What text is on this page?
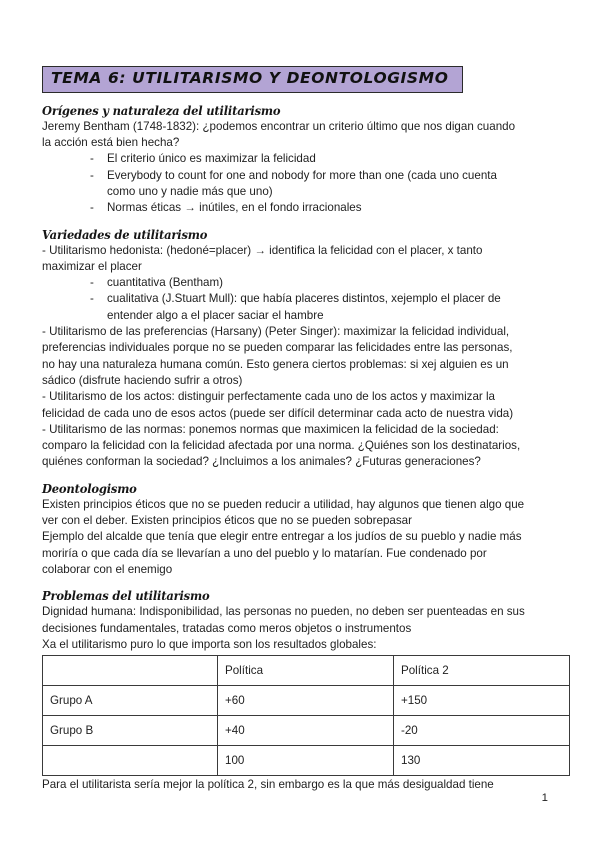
TEMA 6: UTILITARISMO Y DEONTOLOGISMO
Orígenes y naturaleza del utilitarismo

Jeremy Bentham (1748-1832): ¿podemos encontrar un criterio último que nos digan cuando la acción está bien hecha?

- El criterio único es maximizar la felicidad
- Everybody to count for one and nobody for more than one (cada uno cuenta como uno y nadie más que uno)
- Normas éticas → inútiles, en el fondo irracionales
Variedades de utilitarismo

- Utilitarismo hedonista: (hedoné=placer) → identifica la felicidad con el placer, x tanto maximizar el placer

- cuantitativa (Bentham)
- cualitativa (J.Stuart Mull): que había placeres distintos, xejemplo el placer de entender algo a el placer saciar el hambre

- Utilitarismo de las preferencias (Harsany) (Peter Singer): maximizar la felicidad individual, preferencias individuales porque no se pueden comparar las felicidades entre las personas, no hay una naturaleza humana común. Esto genera ciertos problemas: si xej alguien es un sádico (disfrute haciendo sufrir a otros)

- Utilitarismo de los actos: distinguir perfectamente cada uno de los actos y maximizar la felicidad de cada uno de esos actos (puede ser difícil determinar cada acto de nuestra vida)

- Utilitarismo de las normas: ponemos normas que maximicen la felicidad de la sociedad: comparo la felicidad con la felicidad afectada por una norma. ¿Quiénes son los destinatarios, quiénes conforman la sociedad? ¿Incluimos a los animales? ¿Futuras generaciones?

Deontologismo

Existen principios éticos que no se pueden reducir a utilidad, hay algunos que tienen algo que ver con el deber. Existen principios éticos que no se pueden sobrepasar

Ejemplo del alcalde que tenía que elegir entre entregar a los judíos de su pueblo y nadie más moriría o que cada día se llevarían a uno del pueblo y lo matarían. Fue condenado por colaborar con el enemigo

Problemas del utilitarismo

Dignidad humana: Indisponibilidad, las personas no pueden, no deben ser puenteadas en sus decisiones fundamentales, tratadas como meros objetos o instrumentos

Xa el utilitarismo puro lo que importa son los resultados globales:

	Política	Política 2
Grupo A	+60	+150
Grupo B	+40	-20
	100	130

Para el utilitarista sería mejor la política 2, sin embargo es la que más desigualdad tiene

1
